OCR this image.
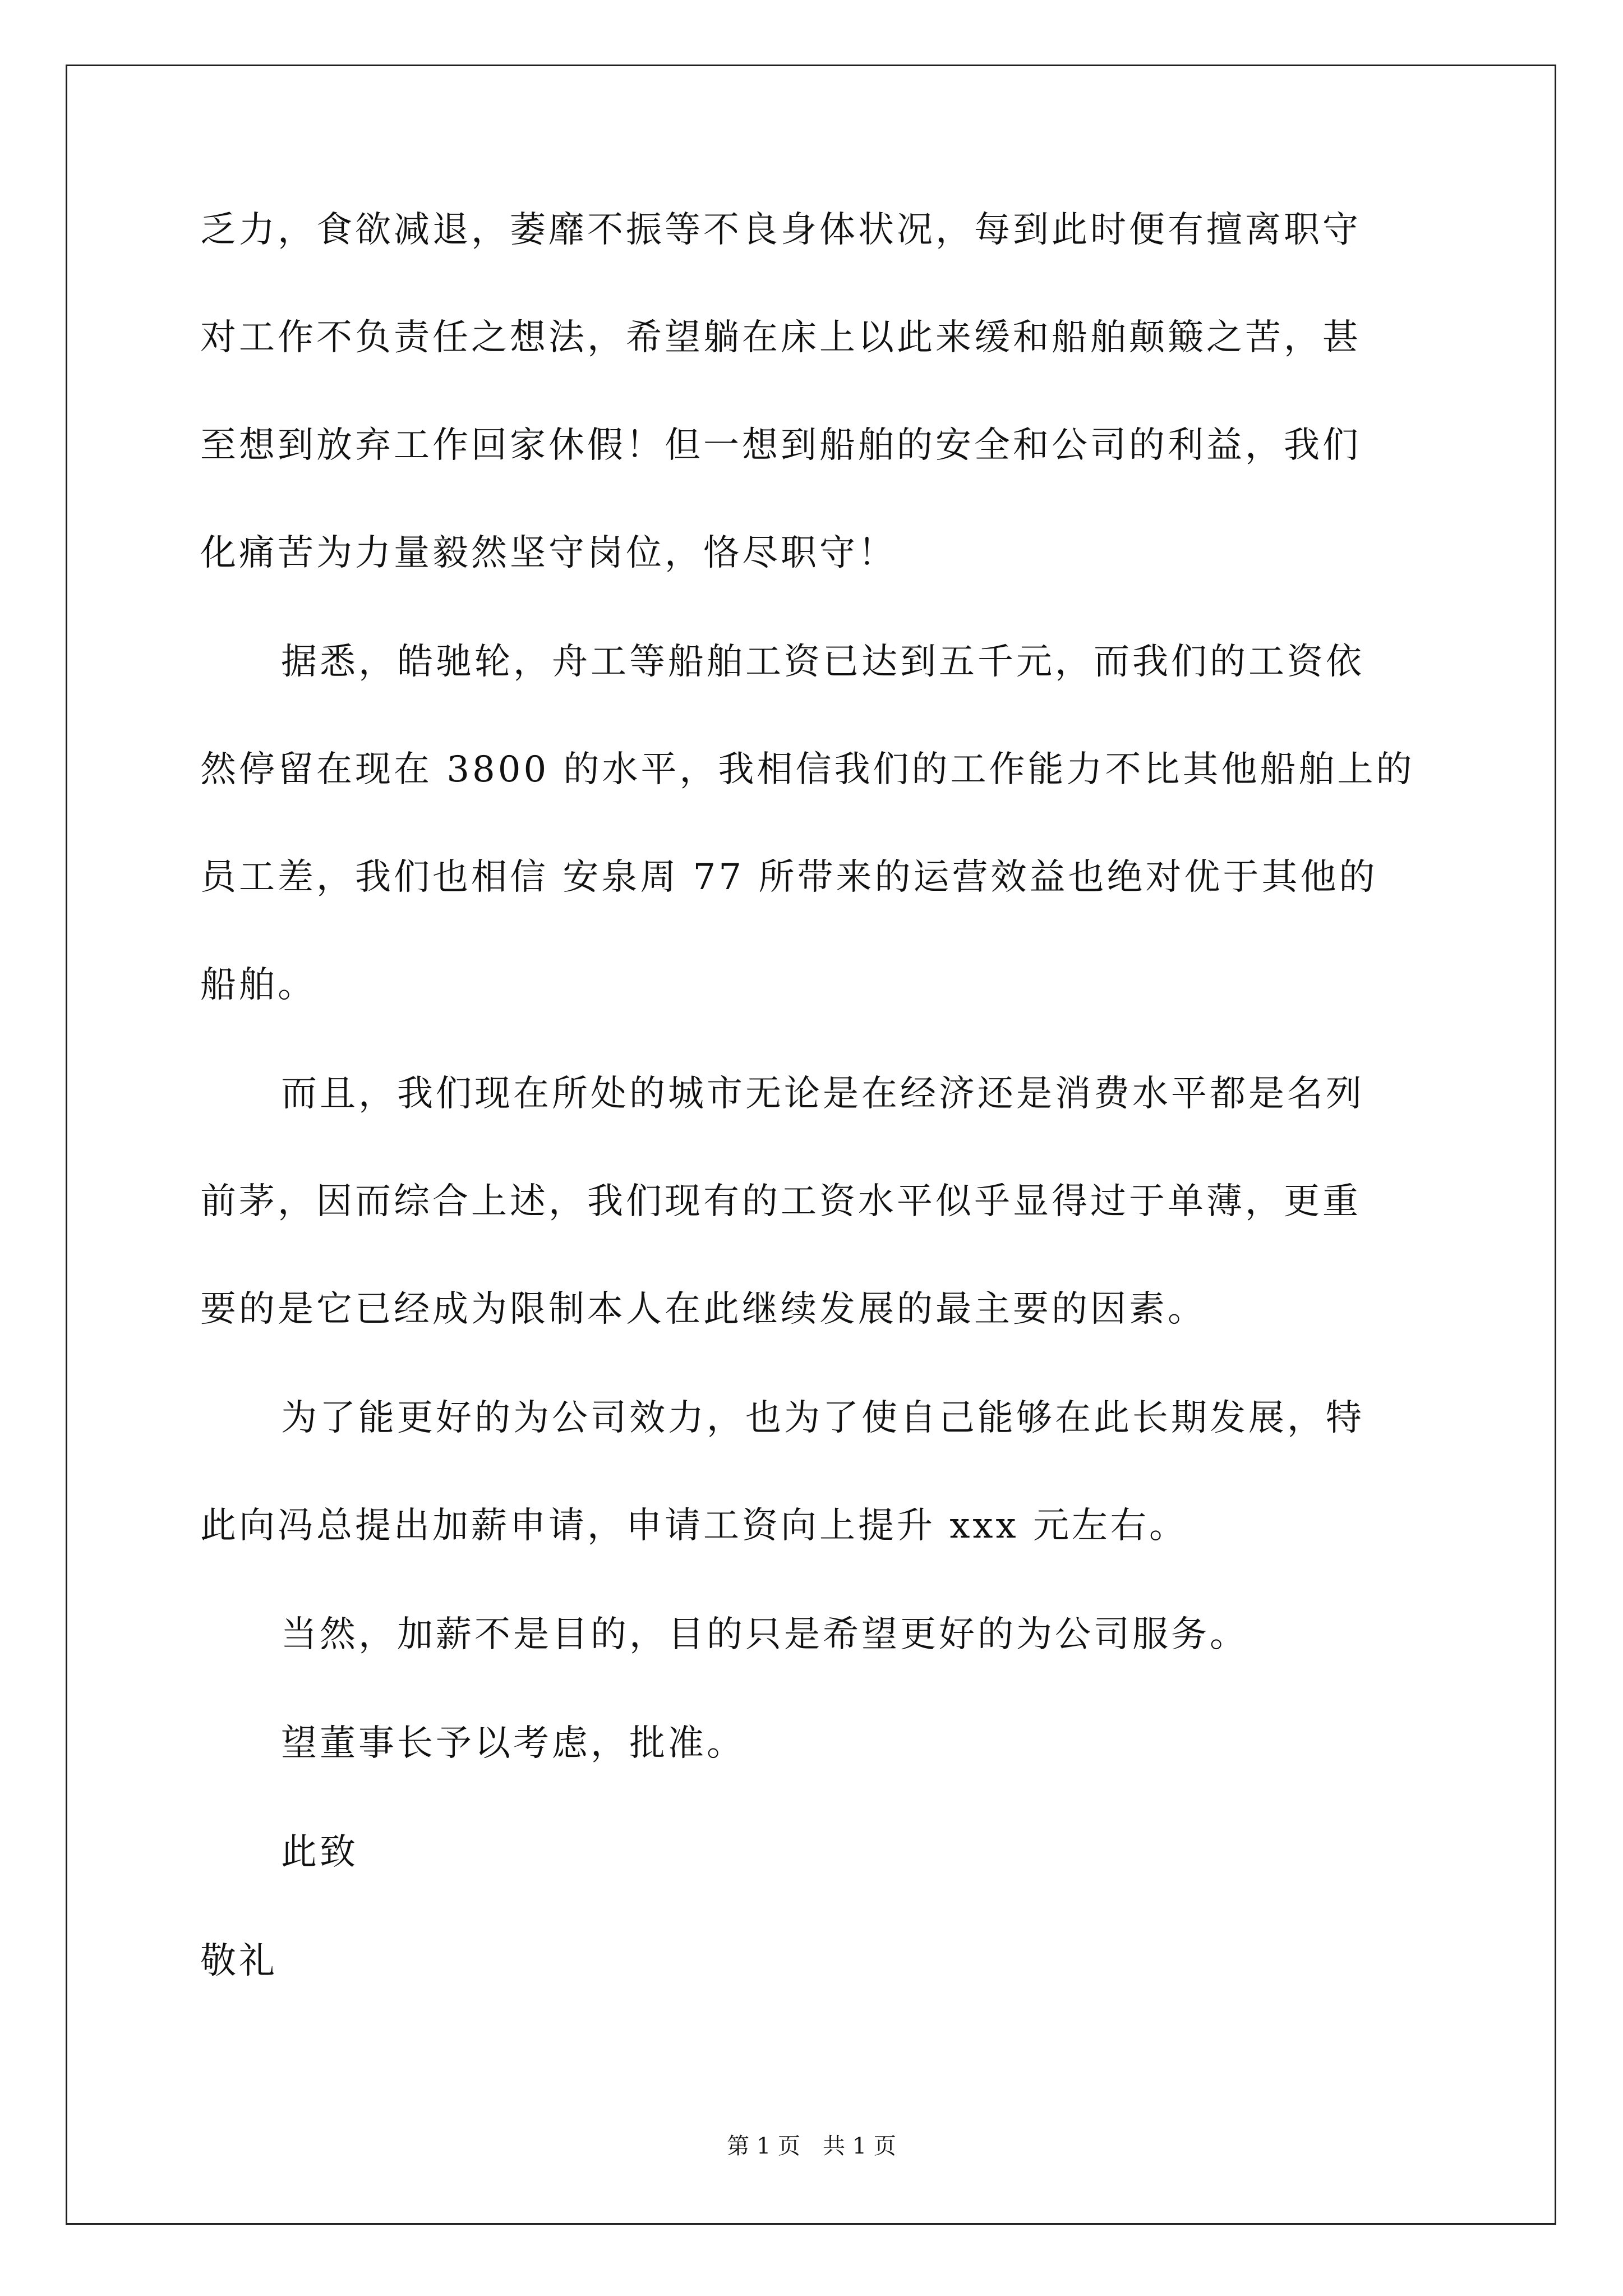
乏力，食欲减退，萎靡不振等不良身体状况，每到此时便有擅离职守
对工作不负责任之想法，希望躺在床上以此来缓和船舶颠簸之苦，甚
至想到放弃工作回家休假！但一想到船舶的安全和公司的利益，我们
化痛苦为力量毅然坚守岗位，恪尽职守！
据悉，皓驰轮，舟工等船舶工资已达到五千元，而我们的工资依
然停留在现在 3800 的水平，我相信我们的工作能力不比其他船舶上的
员工差，我们也相信 安泉周 77 所带来的运营效益也绝对优于其他的
船舶。
而且，我们现在所处的城市无论是在经济还是消费水平都是名列
前茅，因而综合上述，我们现有的工资水平似乎显得过于单薄，更重
要的是它已经成为限制本人在此继续发展的最主要的因素。
为了能更好的为公司效力，也为了使自己能够在此长期发展，特
此向冯总提出加薪申请，申请工资向上提升 xxx 元左右。
当然，加薪不是目的，目的只是希望更好的为公司服务。
望董事长予以考虑，批准。
此致
敬礼
第 1 页　共 1 页
